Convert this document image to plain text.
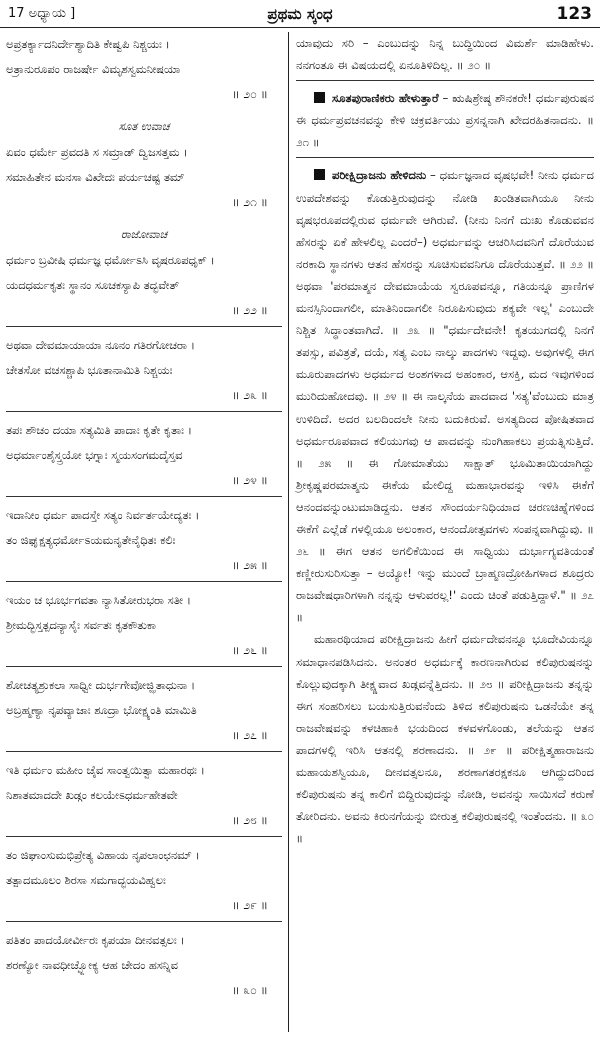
17 ಅಧ್ಯಾಯ ]	ಪ್ರಥಮ ಸ್ಕಂಧ	123
ಅಪ್ರತರ್ಕ್ಯಾದನಿರ್ದೇಶ್ಯಾದಿತಿ ಕೇಷ್ವಪಿ ನಿಶ್ಚಯಃ ।
ಅತ್ರಾನುರೂಪಂ ರಾಜರ್ಷೇ ವಿಮೃಶಸ್ವಮನೀಷಯಾ
॥ ೨೦ ॥
ಸೂತ ಉವಾಚ
ಏವಂ ಧರ್ಮೇ ಪ್ರವದತಿ ಸ ಸಮ್ರಾಡ್ ದ್ವಿಜಸತ್ತಮ ।
ಸಮಾಹಿತೇನ ಮನಸಾ ವಿಖೇದಃ ಪರ್ಯಚಷ್ಟ ತಮ್
॥ ೨೧ ॥
ರಾಜೋವಾಚ
ಧರ್ಮಂ ಬ್ರವೀಷಿ ಧರ್ಮಜ್ಞ ಧರ್ಮೋಽಸಿ ವೃಷರೂಪಧೃಕ್ ।
ಯದಧರ್ಮಕೃತಃ ಸ್ಥಾನಂ ಸೂಚಕಸ್ಯಾಪಿ ತದ್ಭವೇತ್
॥ ೨೨ ॥
ಅಥವಾ ದೇವಮಾಯಾಯಾ ನೂನಂ ಗತಿರಗೋಚರಾ ।
ಚೇತಸೋ ವಚಸಶ್ಚಾಪಿ ಭೂತಾನಾಮಿತಿ ನಿಶ್ಚಯಃ
॥ ೨೩ ॥
ತಪಃ ಶೌಚಂ ದಯಾ ಸತ್ಯಮಿತಿ ಪಾದಾಃ ಕೃತೇ ಕೃತಾಃ ।
ಅಧರ್ಮಾಂಶೈಸ್ತ್ರಯೋ ಭಗ್ನಾಃ ಸ್ಮಯಸಂಗಮದೈಸ್ತವ
॥ ೨೪ ॥
ಇದಾನೀಂ ಧರ್ಮ ಪಾದಸ್ತೇ ಸತ್ಯಂ ನಿರ್ವರ್ತಯೇದ್ಯತಃ ।
ತಂ ಜಿಘೃಕ್ಷತ್ಯಧರ್ಮೋಽಯಮನೃತೇನೈಧಿತಃ ಕಲಿಃ
॥ ೨೫ ॥
ಇಯಂ ಚ ಭೂರ್ಭಗವತಾ ನ್ಯಾಸಿತೋರುಭರಾ ಸತೀ ।
ಶ್ರೀಮದ್ಭಿಸ್ತತ್ಪದನ್ಯಾಸೈಃ ಸರ್ವತಃ ಕೃತಕೌತುಕಾ
॥ ೨೬ ॥
ಶೋಚತ್ಯಶ್ರುಕಲಾ ಸಾಧ್ವೀ ದುರ್ಭಗೇವೋಜ್ಝಿತಾಧುನಾ ।
ಅಬ್ರಹ್ಮಣ್ಯಾ ನೃಪವ್ಯಾಜಾಃ ಶೂದ್ರಾ ಭೋಕ್ಷ್ಯಂತಿ ಮಾಮಿತಿ
॥ ೨೭ ॥
ಇತಿ ಧರ್ಮಂ ಮಹೀಂ ಚೈವ ಸಾಂತ್ವಯಿತ್ವಾ ಮಹಾರಥಃ ।
ನಿಶಾತಮಾದದೇ ಖಡ್ಗಂ ಕಲಯೇಽಧರ್ಮಹೇತವೇ
॥ ೨೮ ॥
ತಂ ಜಿಘಾಂಸುಮಭಿಪ್ರೇತ್ಯ ವಿಹಾಯ ನೃಪಲಾಂಛನಮ್ ।
ತತ್ಪಾದಮೂಲಂ ಶಿರಸಾ ಸಮಗಾದ್ಭಯವಿಹ್ವಲಃ
॥ ೨೯ ॥
ಪತಿತಂ ಪಾದಯೋರ್ವೀರಃ ಕೃಪಯಾ ದೀನವತ್ಸಲಃ ।
ಶರಣ್ಯೋ ನಾವಧೀಚ್ಛ್ಲೋಕ್ಯ ಆಹ ಚೇದಂ ಹಸನ್ನಿವ
॥ ೩೦ ॥

ಯಾವುದು ಸರಿ – ಎಂಬುದನ್ನು ನಿನ್ನ ಬುದ್ಧಿಯಿಂದ ವಿಮರ್ಶೆ ಮಾಡಿಹೇಳು. ನನಗಂತೂ ಈ ವಿಷಯದಲ್ಲಿ ಏನೂತಿಳಿದಿಲ್ಲ. ॥ ೨೦ ॥

ಸೂತಪುರಾಣಿಕರು ಹೇಳುತ್ತಾರೆ – ಋಷಿಶ್ರೇಷ್ಠ ಶೌನಕರೇ! ಧರ್ಮಪುರುಷನ ಈ ಧರ್ಮಪ್ರವಚನವನ್ನು ಕೇಳಿ ಚಕ್ರವರ್ತಿಯು ಪ್ರಸನ್ನನಾಗಿ ಖೇದರಹಿತನಾದನು. ॥ ೨೧ ॥

ಪರೀಕ್ಷಿದ್ರಾಜನು ಹೇಳಿದನು – ಧರ್ಮಜ್ಞನಾದ ವೃಷಭವೇ! ನೀನು ಧರ್ಮದ ಉಪದೇಶವನ್ನು ಕೊಡುತ್ತಿರುವುದನ್ನು ನೋಡಿ ಖಂಡಿತವಾಗಿಯೂ ನೀನು ವೃಷಭರೂಪದಲ್ಲಿರುವ ಧರ್ಮವೇ ಆಗಿರುವೆ. (ನೀನು ನಿನಗೆ ದುಃಖ ಕೊಡುವವನ ಹೆಸರನ್ನು ಏಕೆ ಹೇಳಲಿಲ್ಲ ಎಂದರೆ–) ಅಧರ್ಮವನ್ನು ಆಚರಿಸಿದವನಿಗೆ ದೊರೆಯುವ ನರಕಾದಿ ಸ್ಥಾನಗಳು ಆತನ ಹೆಸರನ್ನು ಸೂಚಿಸುವವನಿಗೂ ದೊರೆಯುತ್ತವೆ. ॥ ೨೨ ॥ ಅಥವಾ 'ಪರಮಾತ್ಮನ ದೇವಮಾಯೆಯ ಸ್ವರೂಪವನ್ನೂ, ಗತಿಯನ್ನೂ ಪ್ರಾಣಿಗಳ ಮನಸ್ಸಿನಿಂದಾಗಲೀ, ಮಾತಿನಿಂದಾಗಲೀ ನಿರೂಪಿಸುವುದು ಶಕ್ಯವೇ ಇಲ್ಲ' ಎಂಬುದೇ ನಿಶ್ಚಿತ ಸಿದ್ಧಾಂತವಾಗಿದೆ. ॥ ೨೩ ॥ "ಧರ್ಮದೇವನೇ! ಕೃತಯುಗದಲ್ಲಿ ನಿನಗೆ ತಪಸ್ಸು, ಪವಿತ್ರತೆ, ದಯೆ, ಸತ್ಯ ಎಂಬ ನಾಲ್ಕು ಪಾದಗಳು ಇದ್ದವು. ಅವುಗಳಲ್ಲಿ ಈಗ ಮೂರುಪಾದಗಳು ಅಧರ್ಮದ ಅಂಶಗಳಾದ ಅಹಂಕಾರ, ಆಸಕ್ತಿ, ಮದ ಇವುಗಳಿಂದ ಮುರಿದುಹೋದವು. ॥ ೨೪ ॥ ಈ ನಾಲ್ಕನೆಯ ಪಾದವಾದ 'ಸತ್ಯ'ವೆಂಬುದು ಮಾತ್ರ ಉಳಿದಿದೆ. ಅದರ ಬಲದಿಂದಲೇ ನೀನು ಬದುಕಿರುವೆ. ಅಸತ್ಯದಿಂದ ಪೋಷಿತವಾದ ಅಧರ್ಮರೂಪವಾದ ಕಲಿಯುಗವು ಆ ಪಾದವನ್ನು ನುಂಗಿಹಾಕಲು ಪ್ರಯತ್ನಿಸುತ್ತಿದೆ. ॥ ೨೫ ॥ ಈ ಗೋಮಾತೆಯು ಸಾಕ್ಷಾತ್ ಭೂಮಿತಾಯಿಯಾಗಿದ್ದು ಶ್ರೀಕೃಷ್ಣಪರಮಾತ್ಮನು ಈಕೆಯ ಮೇಲಿದ್ದ ಮಹಾಭಾರವನ್ನು ಇಳಿಸಿ ಈಕೆಗೆ ಆನಂದವನ್ನುಂಟುಮಾಡಿದ್ದನು. ಆತನ ಸೌಂದರ್ಯನಿಧಿಯಾದ ಚರಣಚಿಹ್ನೆಗಳಿಂದ ಈಕೆಗೆ ಎಲ್ಲೆಡೆ ಗಳಲ್ಲಿಯೂ ಅಲಂಕಾರ, ಆನಂದೋತ್ಸವಗಳು ಸಂಪನ್ನವಾಗಿದ್ದುವು. ॥ ೨೬ ॥ ಈಗ ಆತನ ಅಗಲಿಕೆಯಿಂದ ಈ ಸಾಧ್ವಿಯು ದುರ್ಭಾಗ್ಯವತಿಯಂತೆ ಕಣ್ಣೀರುಸುರಿಸುತ್ತಾ – ಅಯ್ಯೋ! ಇನ್ನು ಮುಂದೆ ಬ್ರಾಹ್ಮಣದ್ರೋಹಿಗಳಾದ ಶೂದ್ರರು ರಾಜವೇಷಧಾರಿಗಳಾಗಿ ನನ್ನನ್ನು ಆಳುವರಲ್ಲ!' ಎಂದು ಚಿಂತೆ ಪಡುತ್ತಿದ್ದಾಳೆ." ॥ ೨೭ ॥

ಮಹಾರಥಿಯಾದ ಪರೀಕ್ಷಿದ್ರಾಜನು ಹೀಗೆ ಧರ್ಮದೇವನನ್ನೂ ಭೂದೇವಿಯನ್ನೂ ಸಮಾಧಾನಪಡಿಸಿದನು. ಅನಂತರ ಅಧರ್ಮಕ್ಕೆ ಕಾರಣನಾಗಿರುವ ಕಲಿಪುರುಷನನ್ನು ಕೊಲ್ಲುವುದಕ್ಕಾಗಿ ತೀಕ್ಷ್ಣವಾದ ಖಡ್ಗವನ್ನೆತ್ತಿದನು. ॥ ೨೮ ॥ ಪರೀಕ್ಷಿದ್ರಾಜನು ತನ್ನನ್ನು ಈಗ ಸಂಹರಿಸಲು ಬಯಸುತ್ತಿರುವನೆಂದು ತಿಳಿದ ಕಲಿಪುರುಷನು ಒಡನೆಯೇ ತನ್ನ ರಾಜವೇಷವನ್ನು ಕಳಚಿಹಾಕಿ ಭಯದಿಂದ ಕಳವಳಗೊಂಡು, ತಲೆಯನ್ನು ಆತನ ಪಾದಗಳಲ್ಲಿ ಇರಿಸಿ ಆತನಲ್ಲಿ ಶರಣಾದನು. ॥ ೨೯ ॥ ಪರೀಕ್ಷಿತ್ಮಹಾರಾಜನು ಮಹಾಯಶಸ್ವಿಯೂ, ದೀನವತ್ಸಲನೂ, ಶರಣಾಗತರಕ್ಷಕನೂ ಆಗಿದ್ದುದರಿಂದ ಕಲಿಪುರುಷನು ತನ್ನ ಕಾಲಿಗೆ ಬಿದ್ದಿರುವುದನ್ನು ನೋಡಿ, ಅವನನ್ನು ಸಾಯಿಸದೆ ಕರುಣೆ ತೋರಿದನು. ಅವನು ಕಿರುನಗೆಯನ್ನು ಬೀರುತ್ತ ಕಲಿಪುರುಷನಲ್ಲಿ ಇಂತೆಂದನು. ॥ ೩೦ ॥
